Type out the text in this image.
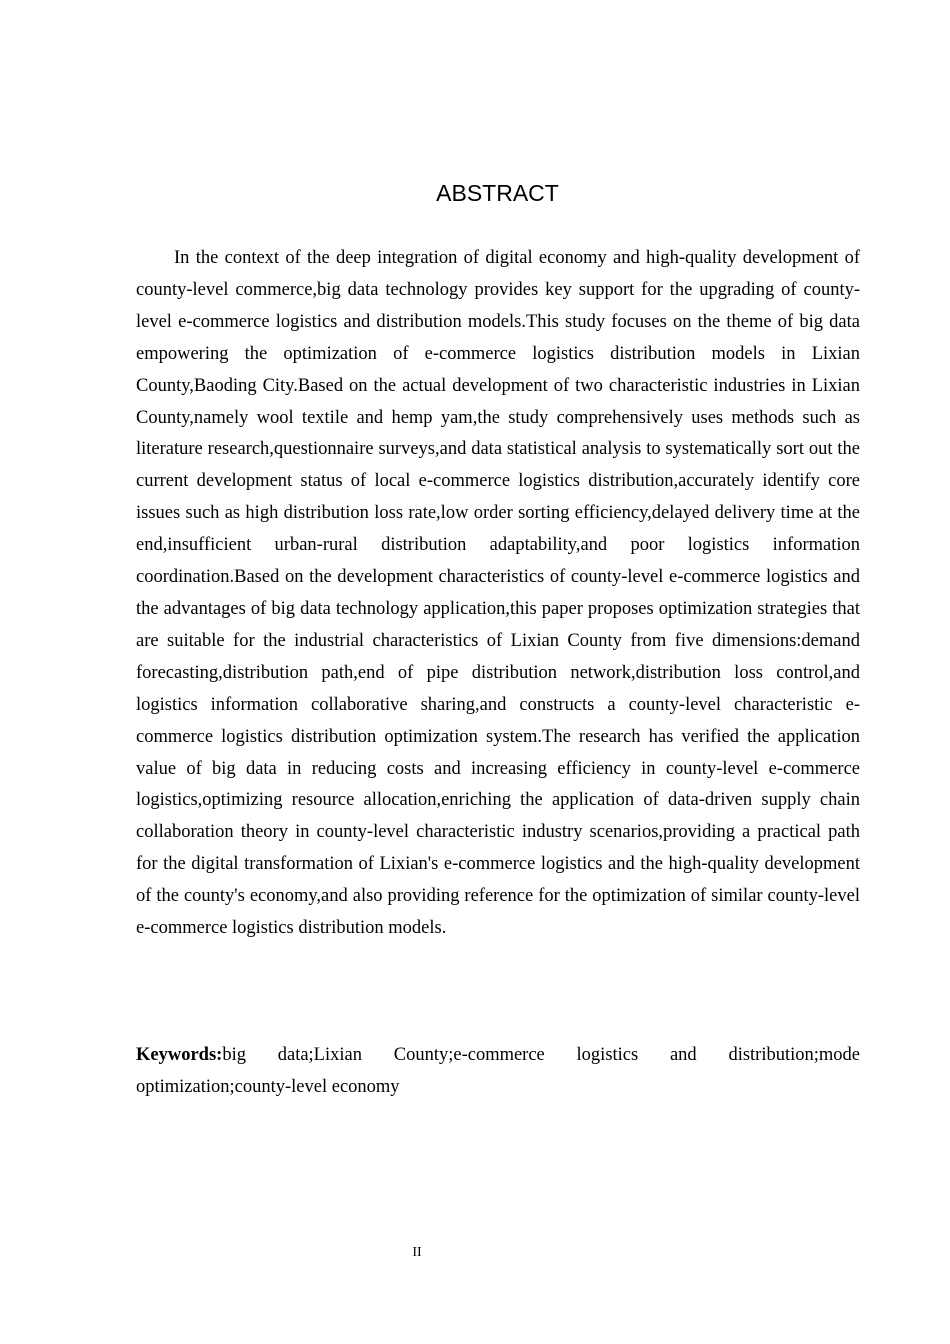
ABSTRACT

In the context of the deep integration of digital economy and high-quality development of county-level commerce,big data technology provides key support for the upgrading of county-level e-commerce logistics and distribution models.This study focuses on the theme of big data empowering the optimization of e-commerce logistics distribution models in Lixian County,Baoding City.Based on the actual development of two characteristic industries in Lixian County,namely wool textile and hemp yam,the study comprehensively uses methods such as literature research,questionnaire surveys,and data statistical analysis to systematically sort out the current development status of local e-commerce logistics distribution,accurately identify core issues such as high distribution loss rate,low order sorting efficiency,delayed delivery time at the end,insufficient urban-rural distribution adaptability,and poor logistics information coordination.Based on the development characteristics of county-level e-commerce logistics and the advantages of big data technology application,this paper proposes optimization strategies that are suitable for the industrial characteristics of Lixian County from five dimensions:demand forecasting,distribution path,end of pipe distribution network,distribution loss control,and logistics information collaborative sharing,and constructs a county-level characteristic e-commerce logistics distribution optimization system.The research has verified the application value of big data in reducing costs and increasing efficiency in county-level e-commerce logistics,optimizing resource allocation,enriching the application of data-driven supply chain collaboration theory in county-level characteristic industry scenarios,providing a practical path for the digital transformation of Lixian's e-commerce logistics and the high-quality development of the county's economy,and also providing reference for the optimization of similar county-level e-commerce logistics distribution models.

Keywords:big data;Lixian County;e-commerce logistics and distribution;mode optimization;county-level economy

II
